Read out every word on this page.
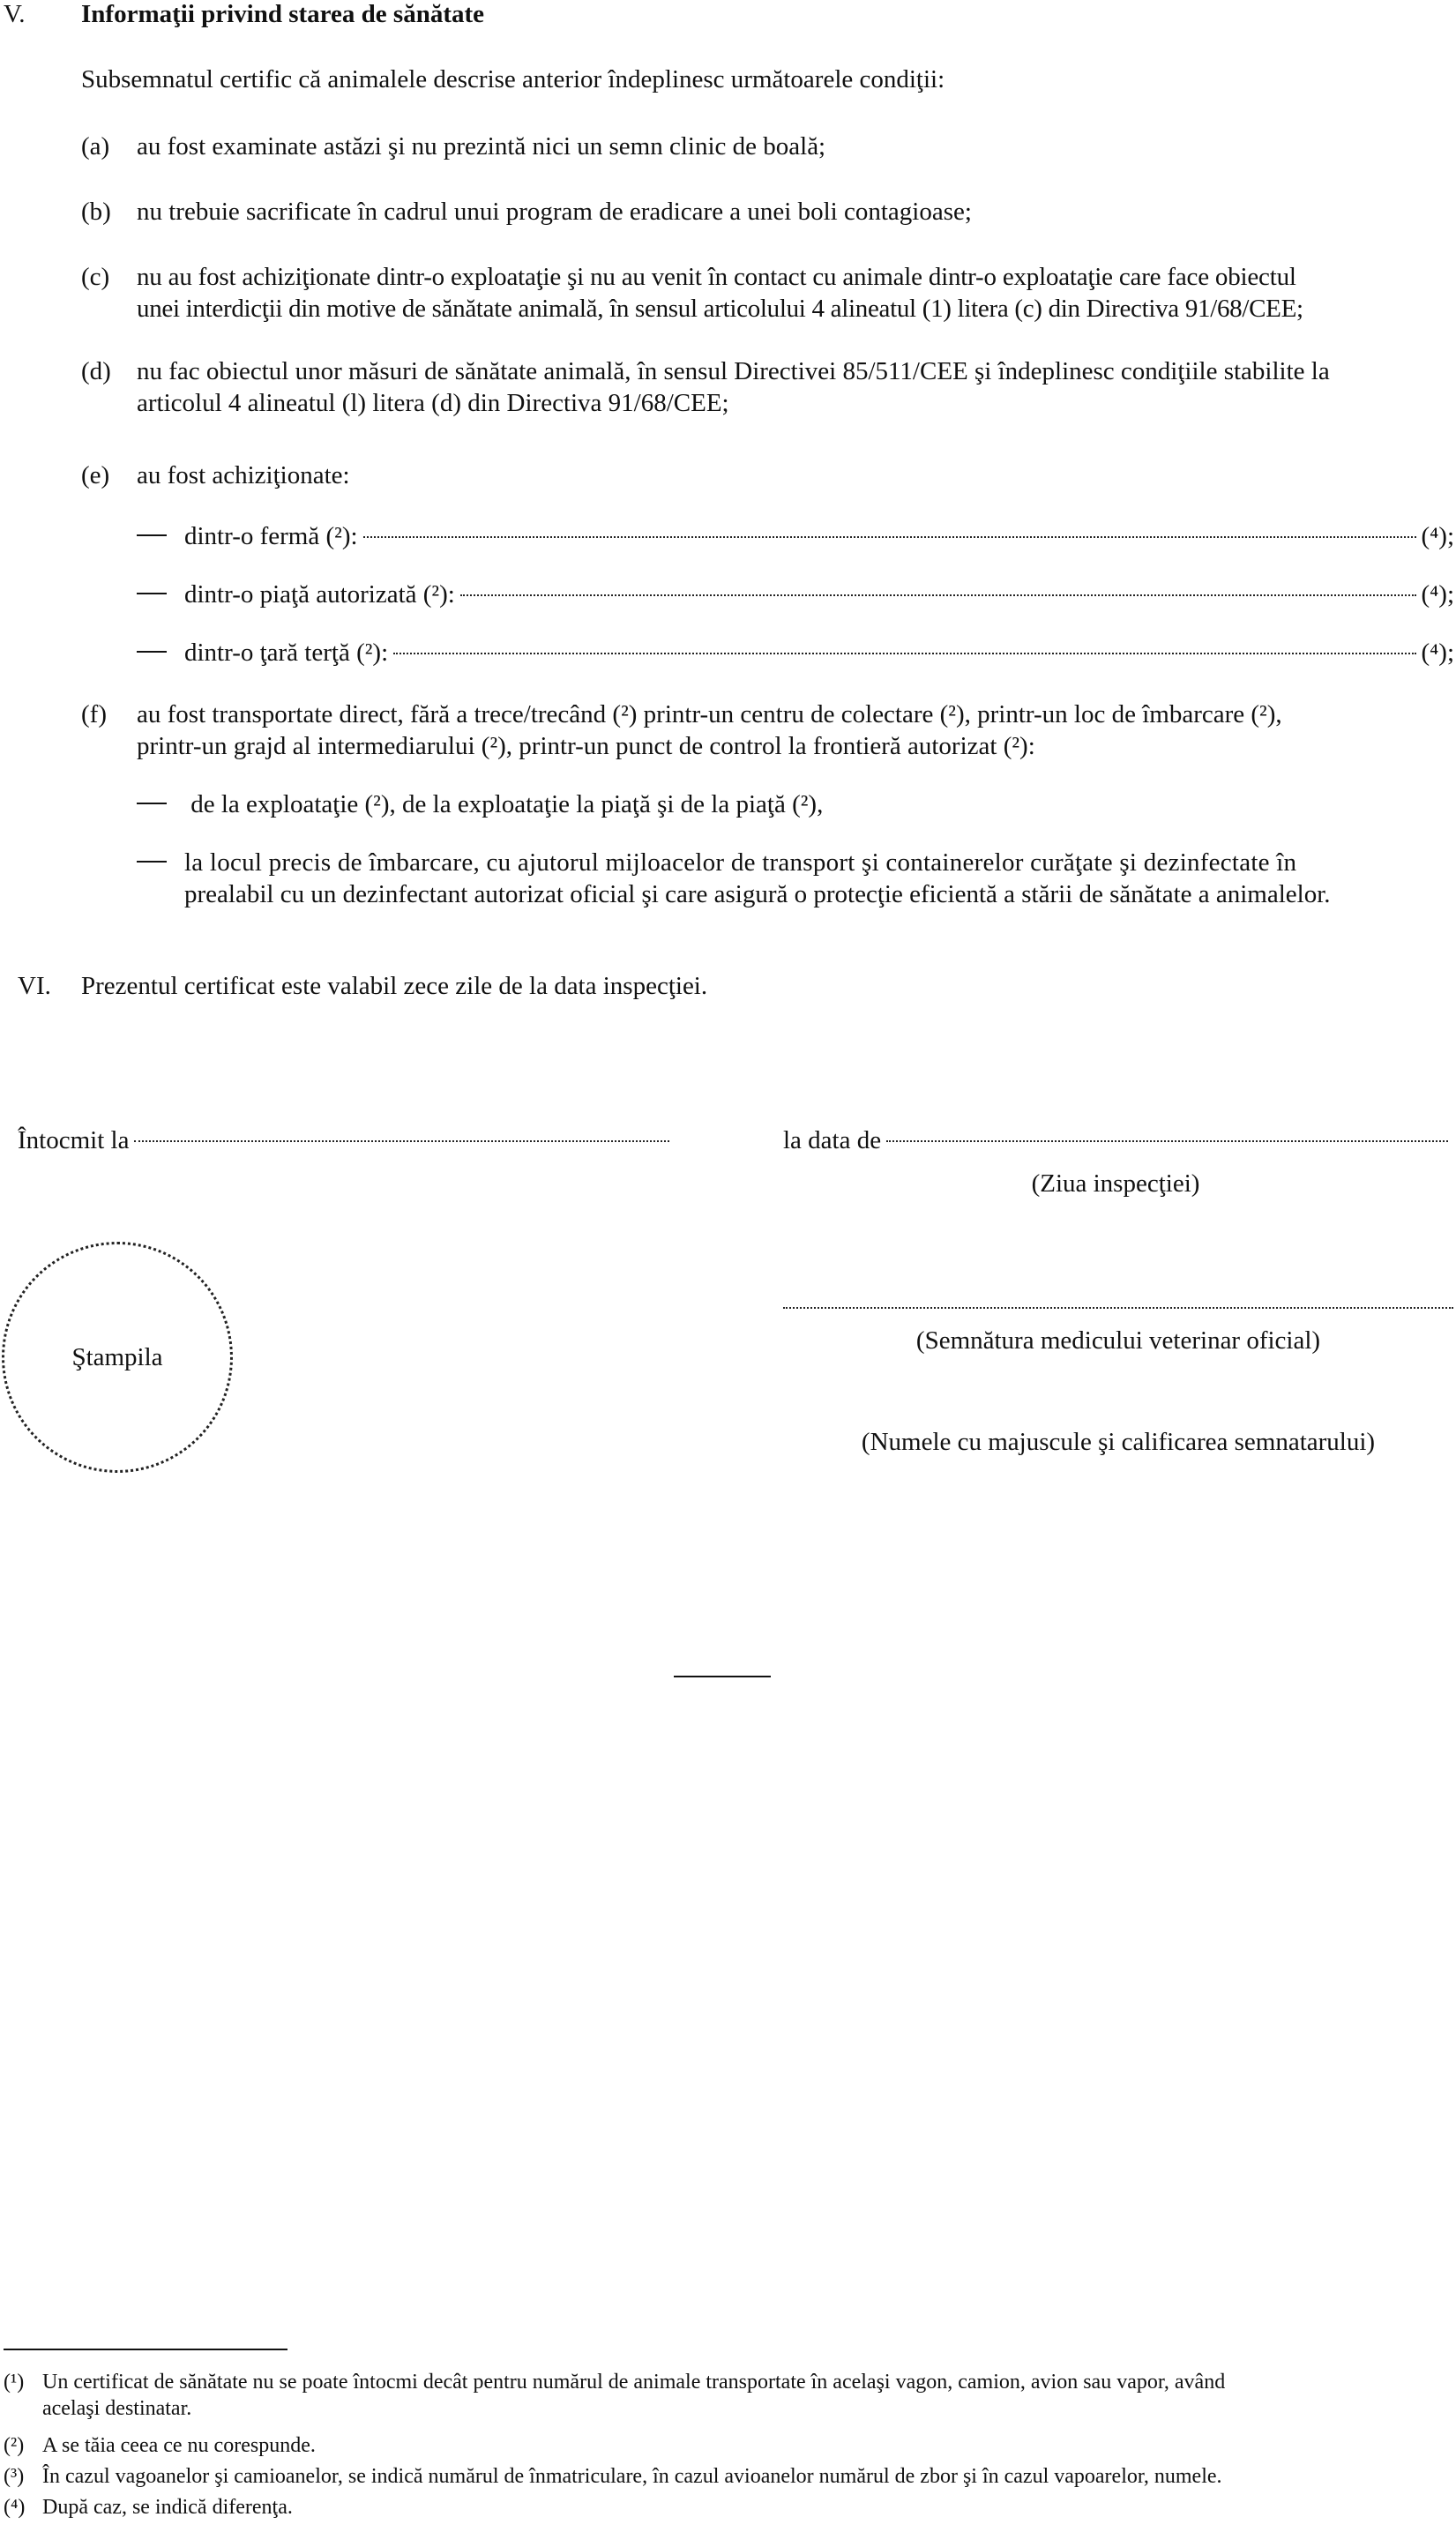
V. Informaţii privind starea de sănătate
Subsemnatul certific că animalele descrise anterior îndeplinesc următoarele condiţii:
(a) au fost examinate astăzi şi nu prezintă nici un semn clinic de boală;
(b) nu trebuie sacrificate în cadrul unui program de eradicare a unei boli contagioase;
(c) nu au fost achiziţionate dintr-o exploataţie şi nu au venit în contact cu animale dintr-o exploataţie care face obiectul
unei interdicţii din motive de sănătate animală, în sensul articolului 4 alineatul (1) litera (c) din Directiva 91/68/CEE;
(d) nu fac obiectul unor măsuri de sănătate animală, în sensul Directivei 85/511/CEE şi îndeplinesc condiţiile stabilite la
articolul 4 alineatul (l) litera (d) din Directiva 91/68/CEE;
(e) au fost achiziţionate:
dintr-o fermă (²):	(⁴);
dintr-o piaţă autorizată (²):	(⁴);
dintr-o ţară terţă (²):	(⁴);
(f) au fost transportate direct, fără a trece/trecând (²) printr-un centru de colectare (²), printr-un loc de îmbarcare (²),
printr-un grajd al intermediarului (²), printr-un punct de control la frontieră autorizat (²):
de la exploataţie (²), de la exploataţie la piaţă şi de la piaţă (²),
la locul precis de îmbarcare, cu ajutorul mijloacelor de transport şi containerelor curăţate şi dezinfectate în
prealabil cu un dezinfectant autorizat oficial şi care asigură o protecţie eficientă a stării de sănătate a animalelor.
VI. Prezentul certificat este valabil zece zile de la data inspecţiei.
Întocmit la	la data de
(Ziua inspecţiei)
Ştampila
(Semnătura medicului veterinar oficial)
(Numele cu majuscule şi calificarea semnatarului)
(¹) Un certificat de sănătate nu se poate întocmi decât pentru numărul de animale transportate în acelaşi vagon, camion, avion sau vapor, având
acelaşi destinatar.
(²) A se tăia ceea ce nu corespunde.
(³) În cazul vagoanelor şi camioanelor, se indică numărul de înmatriculare, în cazul avioanelor numărul de zbor şi în cazul vapoarelor, numele.
(⁴) După caz, se indică diferenţa.
